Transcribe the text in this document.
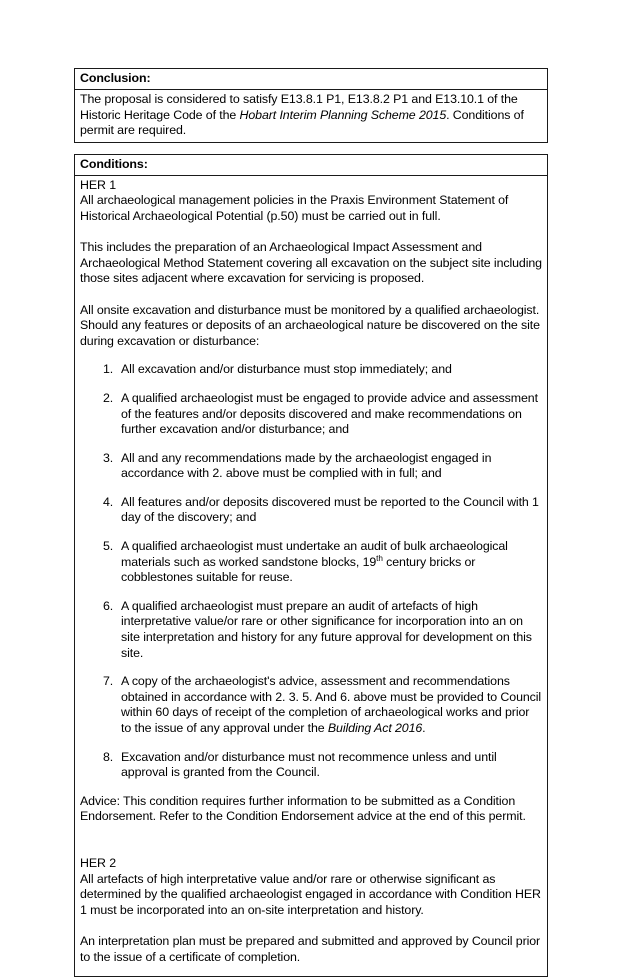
Conclusion:

The proposal is considered to satisfy E13.8.1 P1, E13.8.2 P1 and E13.10.1 of the Historic Heritage Code of the Hobart Interim Planning Scheme 2015. Conditions of permit are required.

Conditions:

HER 1

All archaeological management policies in the Praxis Environment Statement of Historical Archaeological Potential (p.50) must be carried out in full.

This includes the preparation of an Archaeological Impact Assessment and Archaeological Method Statement covering all excavation on the subject site including those sites adjacent where excavation for servicing is proposed.

All onsite excavation and disturbance must be monitored by a qualified archaeologist. Should any features or deposits of an archaeological nature be discovered on the site during excavation or disturbance:

1. All excavation and/or disturbance must stop immediately; and
2. A qualified archaeologist must be engaged to provide advice and assessment of the features and/or deposits discovered and make recommendations on further excavation and/or disturbance; and
3. All and any recommendations made by the archaeologist engaged in accordance with 2. above must be complied with in full; and
4. All features and/or deposits discovered must be reported to the Council with 1 day of the discovery; and
5. A qualified archaeologist must undertake an audit of bulk archaeological materials such as worked sandstone blocks, 19th century bricks or cobblestones suitable for reuse.
6. A qualified archaeologist must prepare an audit of artefacts of high interpretative value/or rare or other significance for incorporation into an on site interpretation and history for any future approval for development on this site.
7. A copy of the archaeologist's advice, assessment and recommendations obtained in accordance with 2. 3. 5. And 6. above must be provided to Council within 60 days of receipt of the completion of archaeological works and prior to the issue of any approval under the Building Act 2016.
8. Excavation and/or disturbance must not recommence unless and until approval is granted from the Council.

Advice: This condition requires further information to be submitted as a Condition Endorsement. Refer to the Condition Endorsement advice at the end of this permit.

HER 2

All artefacts of high interpretative value and/or rare or otherwise significant as determined by the qualified archaeologist engaged in accordance with Condition HER 1 must be incorporated into an on-site interpretation and history.

An interpretation plan must be prepared and submitted and approved by Council prior to the issue of a certificate of completion.
